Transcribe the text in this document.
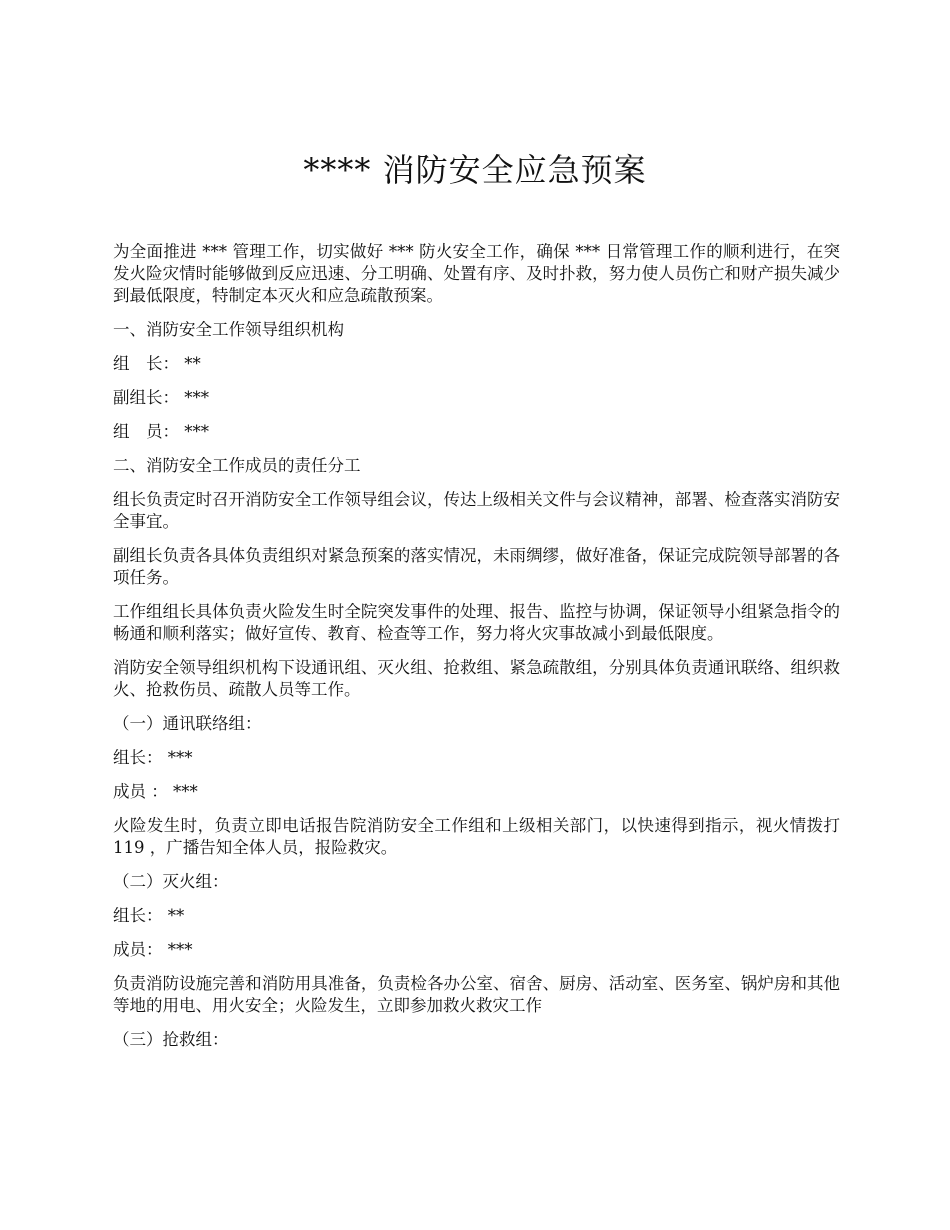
**** 消防安全应急预案

为全面推进 *** 管理工作，切实做好 *** 防火安全工作，确保 *** 日常管理工作的顺利进行，在突发火险灾情时能够做到反应迅速、分工明确、处置有序、及时扑救，努力使人员伤亡和财产损失减少到最低限度，特制定本灭火和应急疏散预案。

一、消防安全工作领导组织机构

组　长： **

副组长： ***

组　员： ***

二、消防安全工作成员的责任分工

组长负责定时召开消防安全工作领导组会议，传达上级相关文件与会议精神，部署、检查落实消防安全事宜。

副组长负责各具体负责组织对紧急预案的落实情况，未雨绸缪，做好准备，保证完成院领导部署的各项任务。

工作组组长具体负责火险发生时全院突发事件的处理、报告、监控与协调，保证领导小组紧急指令的畅通和顺利落实；做好宣传、教育、检查等工作，努力将火灾事故减小到最低限度。

消防安全领导组织机构下设通讯组、灭火组、抢救组、紧急疏散组，分别具体负责通讯联络、组织救火、抢救伤员、疏散人员等工作。

（一）通讯联络组：

组长： ***

成员 ： ***

火险发生时，负责立即电话报告院消防安全工作组和上级相关部门，以快速得到指示，视火情拨打 119 ，广播告知全体人员，报险救灾。

（二）灭火组：

组长： **

成员： ***

负责消防设施完善和消防用具准备，负责检各办公室、宿舍、厨房、活动室、医务室、锅炉房和其他等地的用电、用火安全；火险发生，立即参加救火救灾工作

（三）抢救组：
